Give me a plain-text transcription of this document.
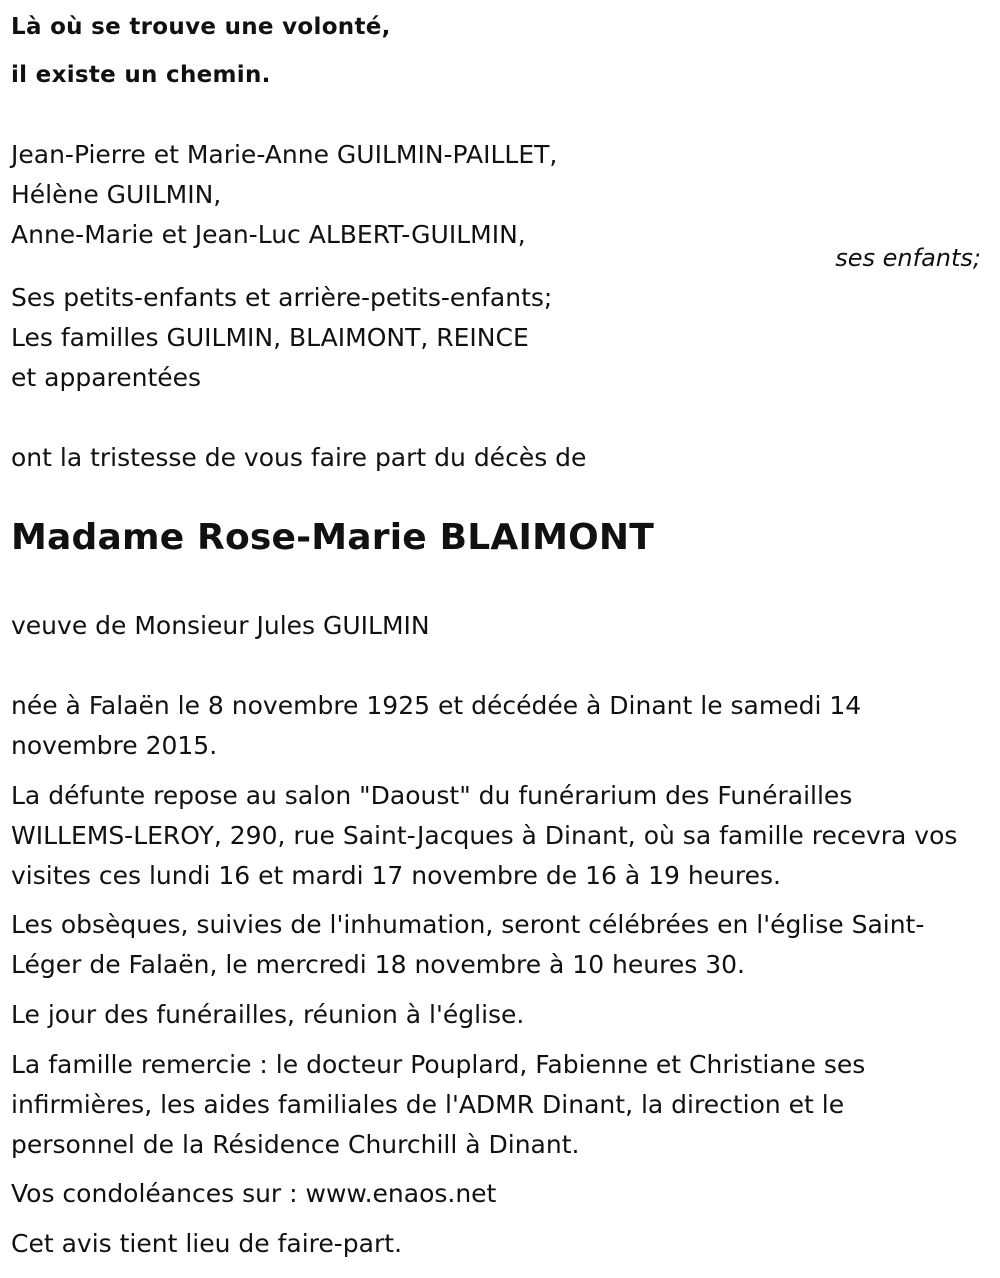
Là où se trouve une volonté,

il existe un chemin.

Jean-Pierre et Marie-Anne GUILMIN-PAILLET,

Hélène GUILMIN,

Anne-Marie et Jean-Luc ALBERT-GUILMIN,

ses enfants;

Ses petits-enfants et arrière-petits-enfants;

Les familles GUILMIN, BLAIMONT, REINCE

et apparentées

ont la tristesse de vous faire part du décès de

Madame Rose-Marie BLAIMONT

veuve de Monsieur Jules GUILMIN

née à Falaën le 8 novembre 1925 et décédée à Dinant le samedi 14 novembre 2015.

La défunte repose au salon "Daoust" du funérarium des Funérailles WILLEMS-LEROY, 290, rue Saint-Jacques à Dinant, où sa famille recevra vos visites ces lundi 16 et mardi 17 novembre de 16 à 19 heures.

Les obsèques, suivies de l'inhumation, seront célébrées en l'église Saint-Léger de Falaën, le mercredi 18 novembre à 10 heures 30.

Le jour des funérailles, réunion à l'église.

La famille remercie : le docteur Pouplard, Fabienne et Christiane ses infirmières, les aides familiales de l'ADMR Dinant, la direction et le personnel de la Résidence Churchill à Dinant.

Vos condoléances sur : www.enaos.net

Cet avis tient lieu de faire-part.
